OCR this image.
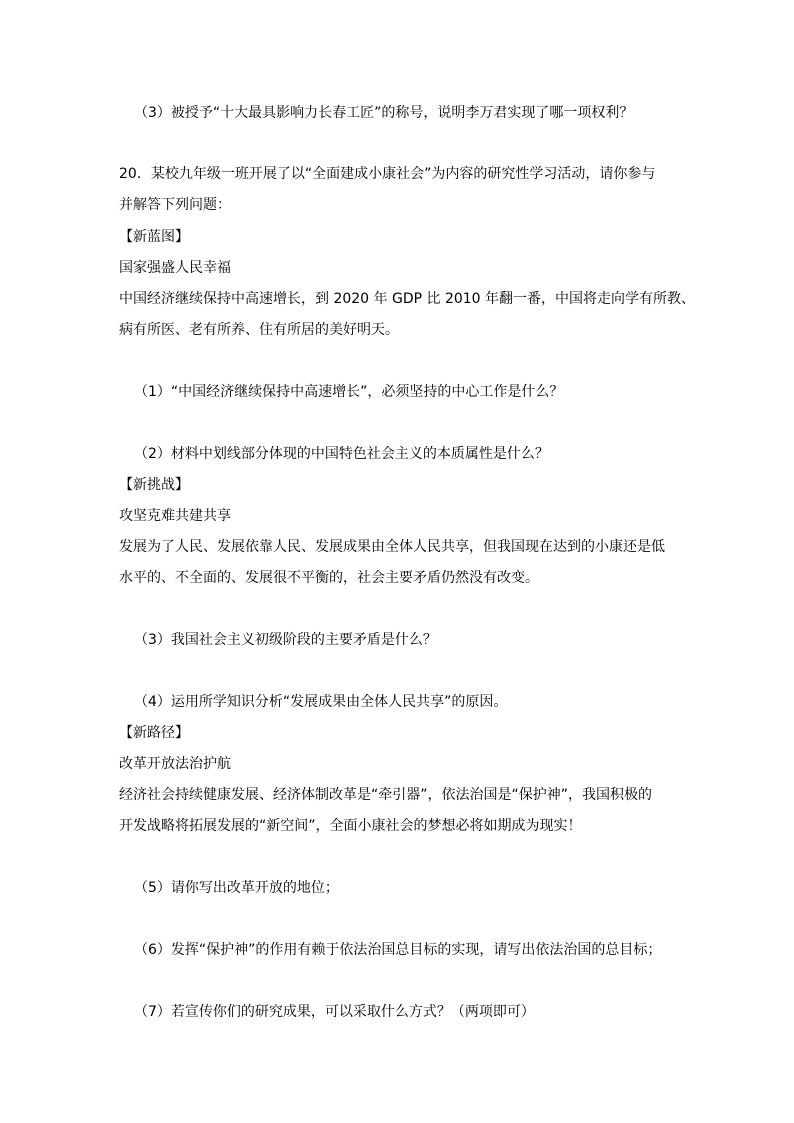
（3）被授予“十大最具影响力长春工匠”的称号，说明李万君实现了哪一项权利？
20．某校九年级一班开展了以“全面建成小康社会”为内容的研究性学习活动，请你参与
并解答下列问题：
【新蓝图】
国家强盛人民幸福
中国经济继续保持中高速增长，到 2020 年 GDP 比 2010 年翻一番，中国将走向学有所教、
病有所医、老有所养、住有所居的美好明天。
（1）“中国经济继续保持中高速增长”，必须坚持的中心工作是什么？
（2）材料中划线部分体现的中国特色社会主义的本质属性是什么？
【新挑战】
攻坚克难共建共享
发展为了人民、发展依靠人民、发展成果由全体人民共享，但我国现在达到的小康还是低
水平的、不全面的、发展很不平衡的，社会主要矛盾仍然没有改变。
（3）我国社会主义初级阶段的主要矛盾是什么？
（4）运用所学知识分析“发展成果由全体人民共享”的原因。
【新路径】
改革开放法治护航
经济社会持续健康发展、经济体制改革是“牵引器”，依法治国是“保护神”，我国积极的
开发战略将拓展发展的“新空间”，全面小康社会的梦想必将如期成为现实！
（5）请你写出改革开放的地位；
（6）发挥“保护神”的作用有赖于依法治国总目标的实现，请写出依法治国的总目标；
（7）若宣传你们的研究成果，可以采取什么方式？（两项即可）
